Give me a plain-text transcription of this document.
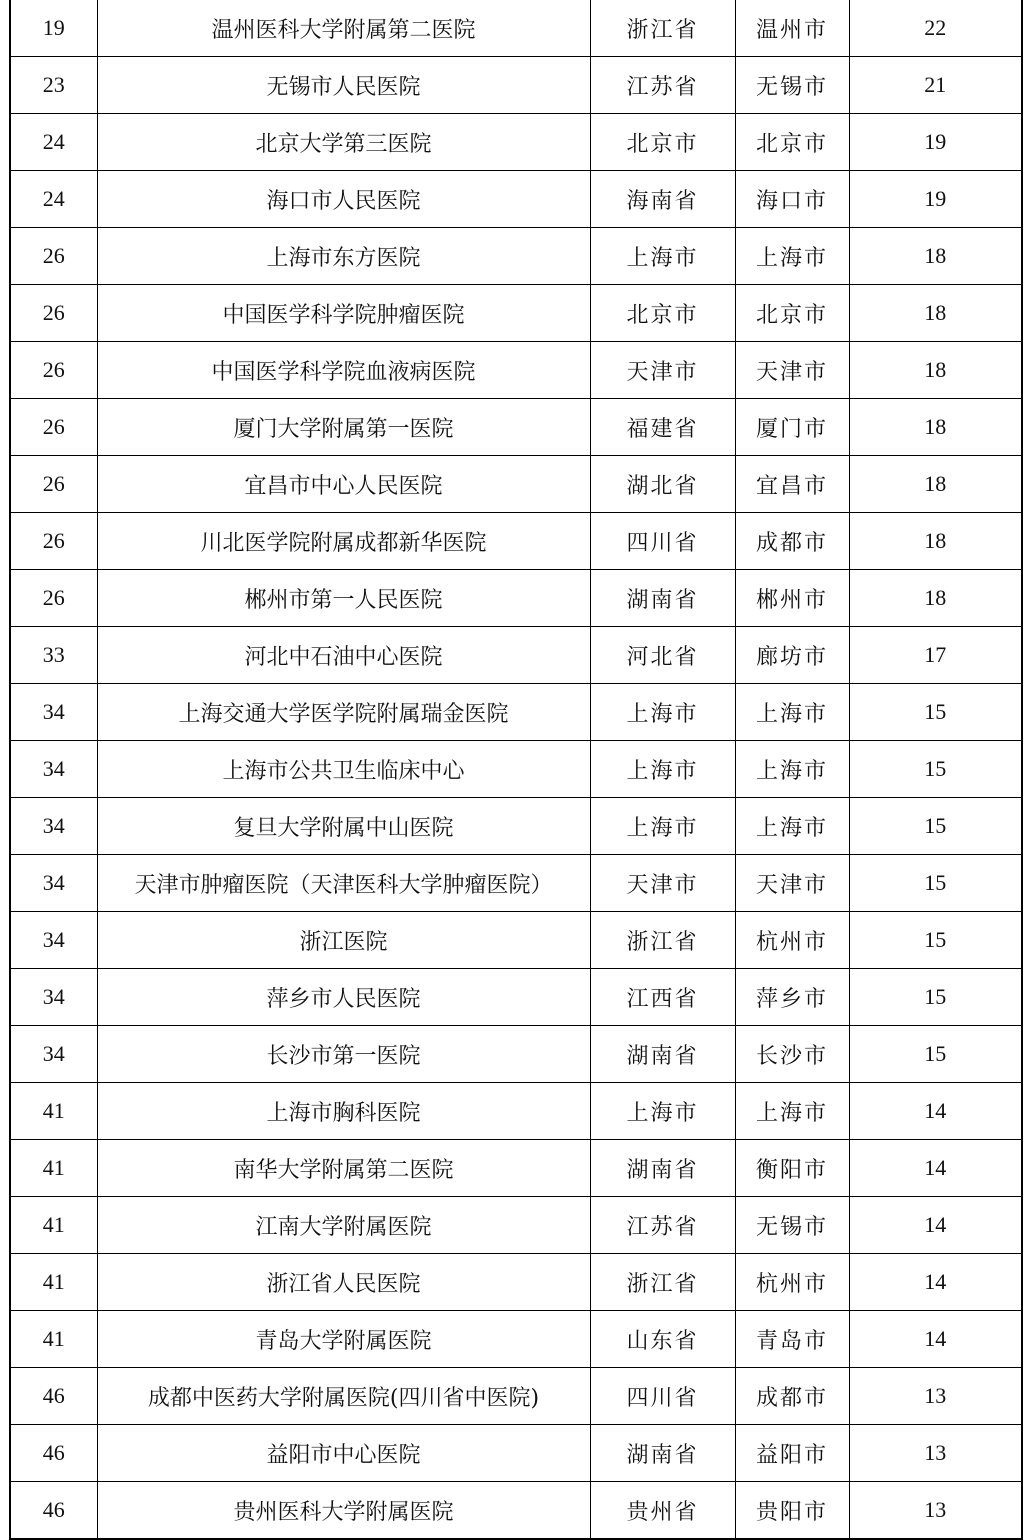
19	温州医科大学附属第二医院	浙江省	温州市	22
23	无锡市人民医院	江苏省	无锡市	21
24	北京大学第三医院	北京市	北京市	19
24	海口市人民医院	海南省	海口市	19
26	上海市东方医院	上海市	上海市	18
26	中国医学科学院肿瘤医院	北京市	北京市	18
26	中国医学科学院血液病医院	天津市	天津市	18
26	厦门大学附属第一医院	福建省	厦门市	18
26	宜昌市中心人民医院	湖北省	宜昌市	18
26	川北医学院附属成都新华医院	四川省	成都市	18
26	郴州市第一人民医院	湖南省	郴州市	18
33	河北中石油中心医院	河北省	廊坊市	17
34	上海交通大学医学院附属瑞金医院	上海市	上海市	15
34	上海市公共卫生临床中心	上海市	上海市	15
34	复旦大学附属中山医院	上海市	上海市	15
34	天津市肿瘤医院（天津医科大学肿瘤医院）	天津市	天津市	15
34	浙江医院	浙江省	杭州市	15
34	萍乡市人民医院	江西省	萍乡市	15
34	长沙市第一医院	湖南省	长沙市	15
41	上海市胸科医院	上海市	上海市	14
41	南华大学附属第二医院	湖南省	衡阳市	14
41	江南大学附属医院	江苏省	无锡市	14
41	浙江省人民医院	浙江省	杭州市	14
41	青岛大学附属医院	山东省	青岛市	14
46	成都中医药大学附属医院(四川省中医院)	四川省	成都市	13
46	益阳市中心医院	湖南省	益阳市	13
46	贵州医科大学附属医院	贵州省	贵阳市	13
